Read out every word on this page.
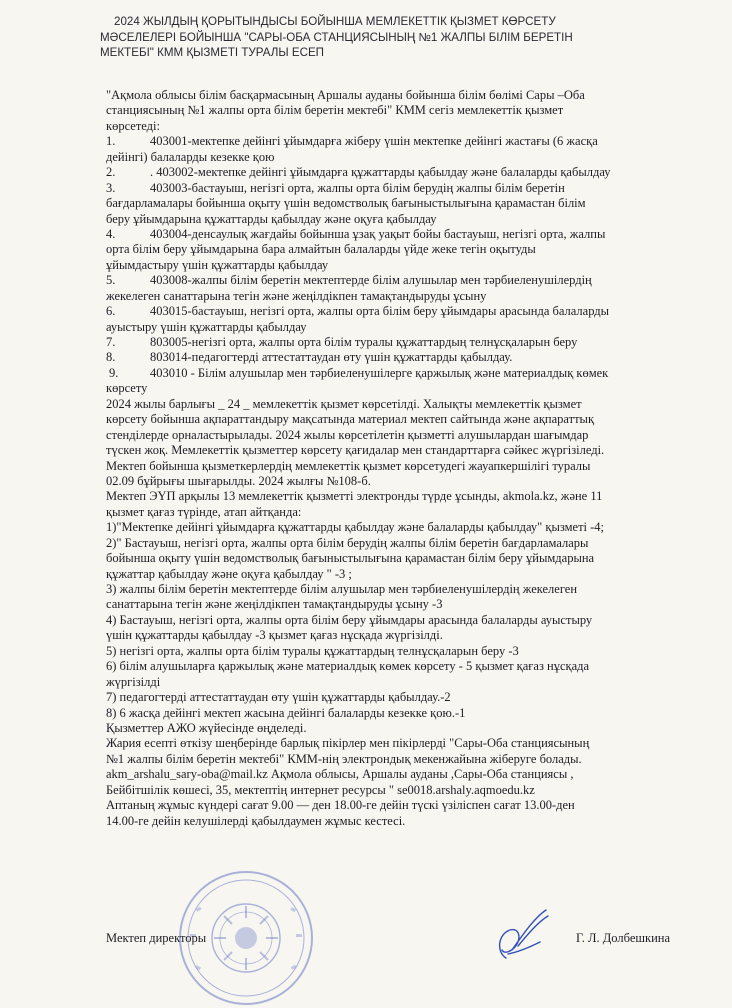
2024 ЖЫЛДЫҢ ҚОРЫТЫНДЫСЫ БОЙЫНША МЕМЛЕКЕТТІК ҚЫЗМЕТ КӨРСЕТУ
МӘСЕЛЕЛЕРІ БОЙЫНША "САРЫ-ОБА СТАНЦИЯСЫНЫҢ №1 ЖАЛПЫ БІЛІМ БЕРЕТІН
МЕКТЕБІ" КММ ҚЫЗМЕТІ ТУРАЛЫ ЕСЕП
"Ақмола облысы білім басқармасының Аршалы ауданы бойынша білім бөлімі Сары –Оба
станциясының №1 жалпы орта білім беретін мектебі" КММ сегіз мемлекеттік қызмет
көрсетеді:
1.	403001-мектепке дейінгі ұйымдарға жіберу үшін мектепке дейінгі жастағы (6 жасқа
дейінгі) балаларды кезекке қою
2.	. 403002-мектепке дейінгі ұйымдарға құжаттарды қабылдау және балаларды қабылдау
3.	403003-бастауыш, негізгі орта, жалпы орта білім берудің жалпы білім беретін
бағдарламалары бойынша оқыту үшін ведомстволық бағыныстылығына қарамастан білім
беру ұйымдарына құжаттарды қабылдау және оқуға қабылдау
4.	403004-денсаулық жағдайы бойынша ұзақ уақыт бойы бастауыш, негізгі орта, жалпы
орта білім беру ұйымдарына бара алмайтын балаларды үйде жеке тегін оқытуды
ұйымдастыру үшін құжаттарды қабылдау
5.	403008-жалпы білім беретін мектептерде білім алушылар мен тәрбиеленушілердің
жекелеген санаттарына тегін және жеңілдікпен тамақтандыруды ұсыну
6.	403015-бастауыш, негізгі орта, жалпы орта білім беру ұйымдары арасында балаларды
ауыстыру үшін құжаттарды қабылдау
7.	803005-негізгі орта, жалпы орта білім туралы құжаттардың телнұсқаларын беру
8.	803014-педагогтерді аттестаттаудан өту үшін құжаттарды қабылдау.
9.	403010 - Білім алушылар мен тәрбиеленушілерге қаржылық және материалдық көмек
көрсету
2024 жылы барлығы _ 24 _ мемлекеттік қызмет көрсетілді. Халықты мемлекеттік қызмет
көрсету бойынша ақпараттандыру мақсатында материал мектеп сайтында және ақпараттық
стендiлерде орналастырылады. 2024 жылы көрсетілетін қызметті алушылардан шағымдар
түскен жоқ. Мемлекеттік қызметтер көрсету қағидалар мен стандарттарға сәйкес жүргізіледі.
Мектеп бойынша қызметкерлердің мемлекеттік қызмет көрсетудегі жауапкершілігі туралы
02.09 бұйрығы шығарылды. 2024 жылғы №108-б.
Мектеп ЭҮП арқылы 13 мемлекеттік қызметті электронды түрде ұсынды, akmola.kz, және 11
қызмет қағаз түрінде, атап айтқанда:
1)"Мектепке дейінгі ұйымдарға құжаттарды қабылдау және балаларды қабылдау" қызметі -4;
2)" Бастауыш, негізгі орта, жалпы орта білім берудің жалпы білім беретін бағдарламалары
бойынша оқыту үшін ведомстволық бағыныстылығына қарамастан білім беру ұйымдарына
құжаттар қабылдау және оқуға қабылдау " -3 ;
3) жалпы білім беретін мектептерде білім алушылар мен тәрбиеленушілердің жекелеген
санаттарына тегін және жеңілдікпен тамақтандыруды ұсыну -3
4) Бастауыш, негізгі орта, жалпы орта білім беру ұйымдары арасында балаларды ауыстыру
үшін құжаттарды қабылдау -3 қызмет қағаз нұсқада жүргізілді.
5) негізгі орта, жалпы орта білім туралы құжаттардың телнұсқаларын беру -3
6) білім алушыларға қаржылық және материалдық көмек көрсету - 5 қызмет қағаз нұсқада
жүргізілді
7) педагогтерді аттестаттаудан өту үшін құжаттарды қабылдау.-2
8) 6 жасқа дейінгі мектеп жасына дейінгі балаларды кезекке қою.-1
Қызметтер АЖО жүйесінде өңделеді.
Жария есепті өткізу шеңберінде барлық пікірлер мен пікірлерді "Сары-Оба станциясының
№1 жалпы білім беретін мектебі" КММ-нің электрондық мекенжайына жіберуге болады.
akm_arshalu_sary-oba@mail.kz Ақмола облысы, Аршалы ауданы ,Сары-Оба станциясы ,
Бейбітшілік көшесі, 35, мектептің интернет ресурсы " se0018.arshaly.aqmoedu.kz
Аптаның жұмыс күндері сағат 9.00 — ден 18.00-ге дейін түскі үзіліспен сағат 13.00-ден
14.00-ге дейін келушілерді қабылдаумен жұмыс кестесі.
Мектеп директоры	Г. Л. Долбешкина
